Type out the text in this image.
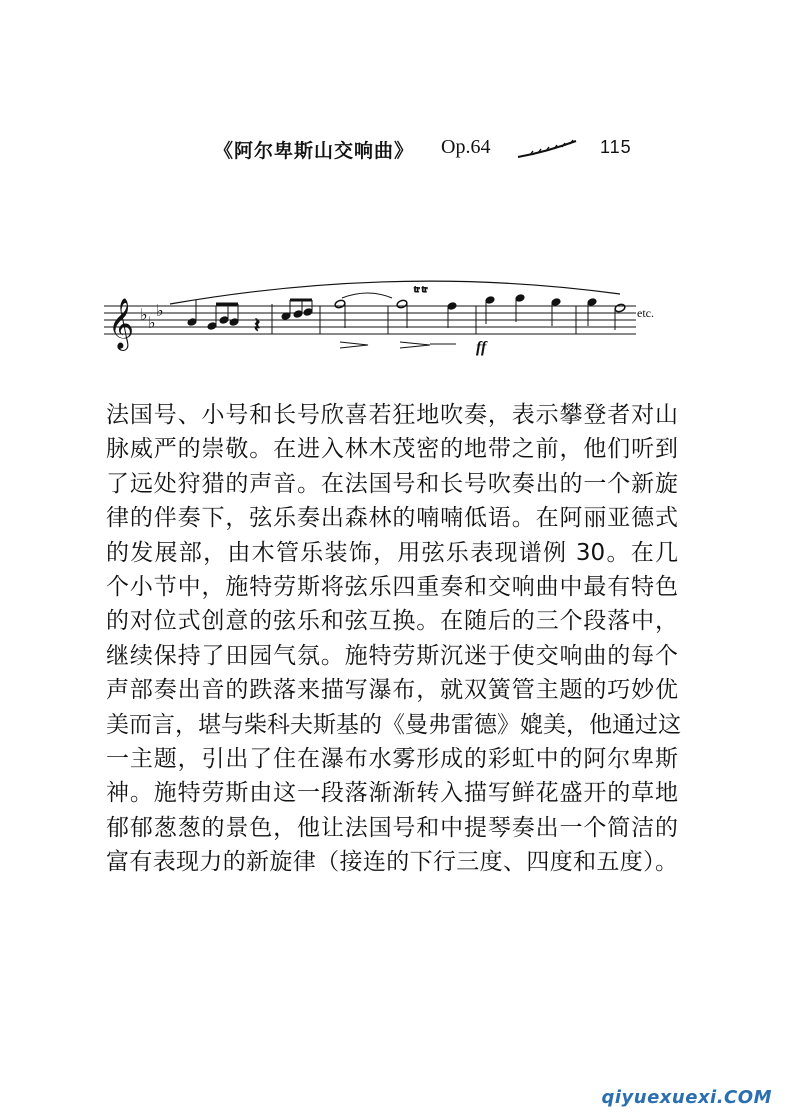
《阿尔卑斯山交响曲》 Op.64	115
𝄞 ♭ ♭
♭
𝄽
tr tr
ff
etc.
法国号、小号和长号欣喜若狂地吹奏，表示攀登者对山
脉威严的崇敬。在进入林木茂密的地带之前，他们听到
了远处狩猎的声音。在法国号和长号吹奏出的一个新旋
律的伴奏下，弦乐奏出森林的喃喃低语。在阿丽亚德式
的发展部，由木管乐装饰，用弦乐表现谱例 30。在几
个小节中，施特劳斯将弦乐四重奏和交响曲中最有特色
的对位式创意的弦乐和弦互换。在随后的三个段落中，
继续保持了田园气氛。施特劳斯沉迷于使交响曲的每个
声部奏出音的跌落来描写瀑布，就双簧管主题的巧妙优
美而言，堪与柴科夫斯基的《曼弗雷德》媲美，他通过这
一主题，引出了住在瀑布水雾形成的彩虹中的阿尔卑斯
神。施特劳斯由这一段落渐渐转入描写鲜花盛开的草地
郁郁葱葱的景色，他让法国号和中提琴奏出一个简洁的
富有表现力的新旋律（接连的下行三度、四度和五度）。
qiyuexuexi.COM
